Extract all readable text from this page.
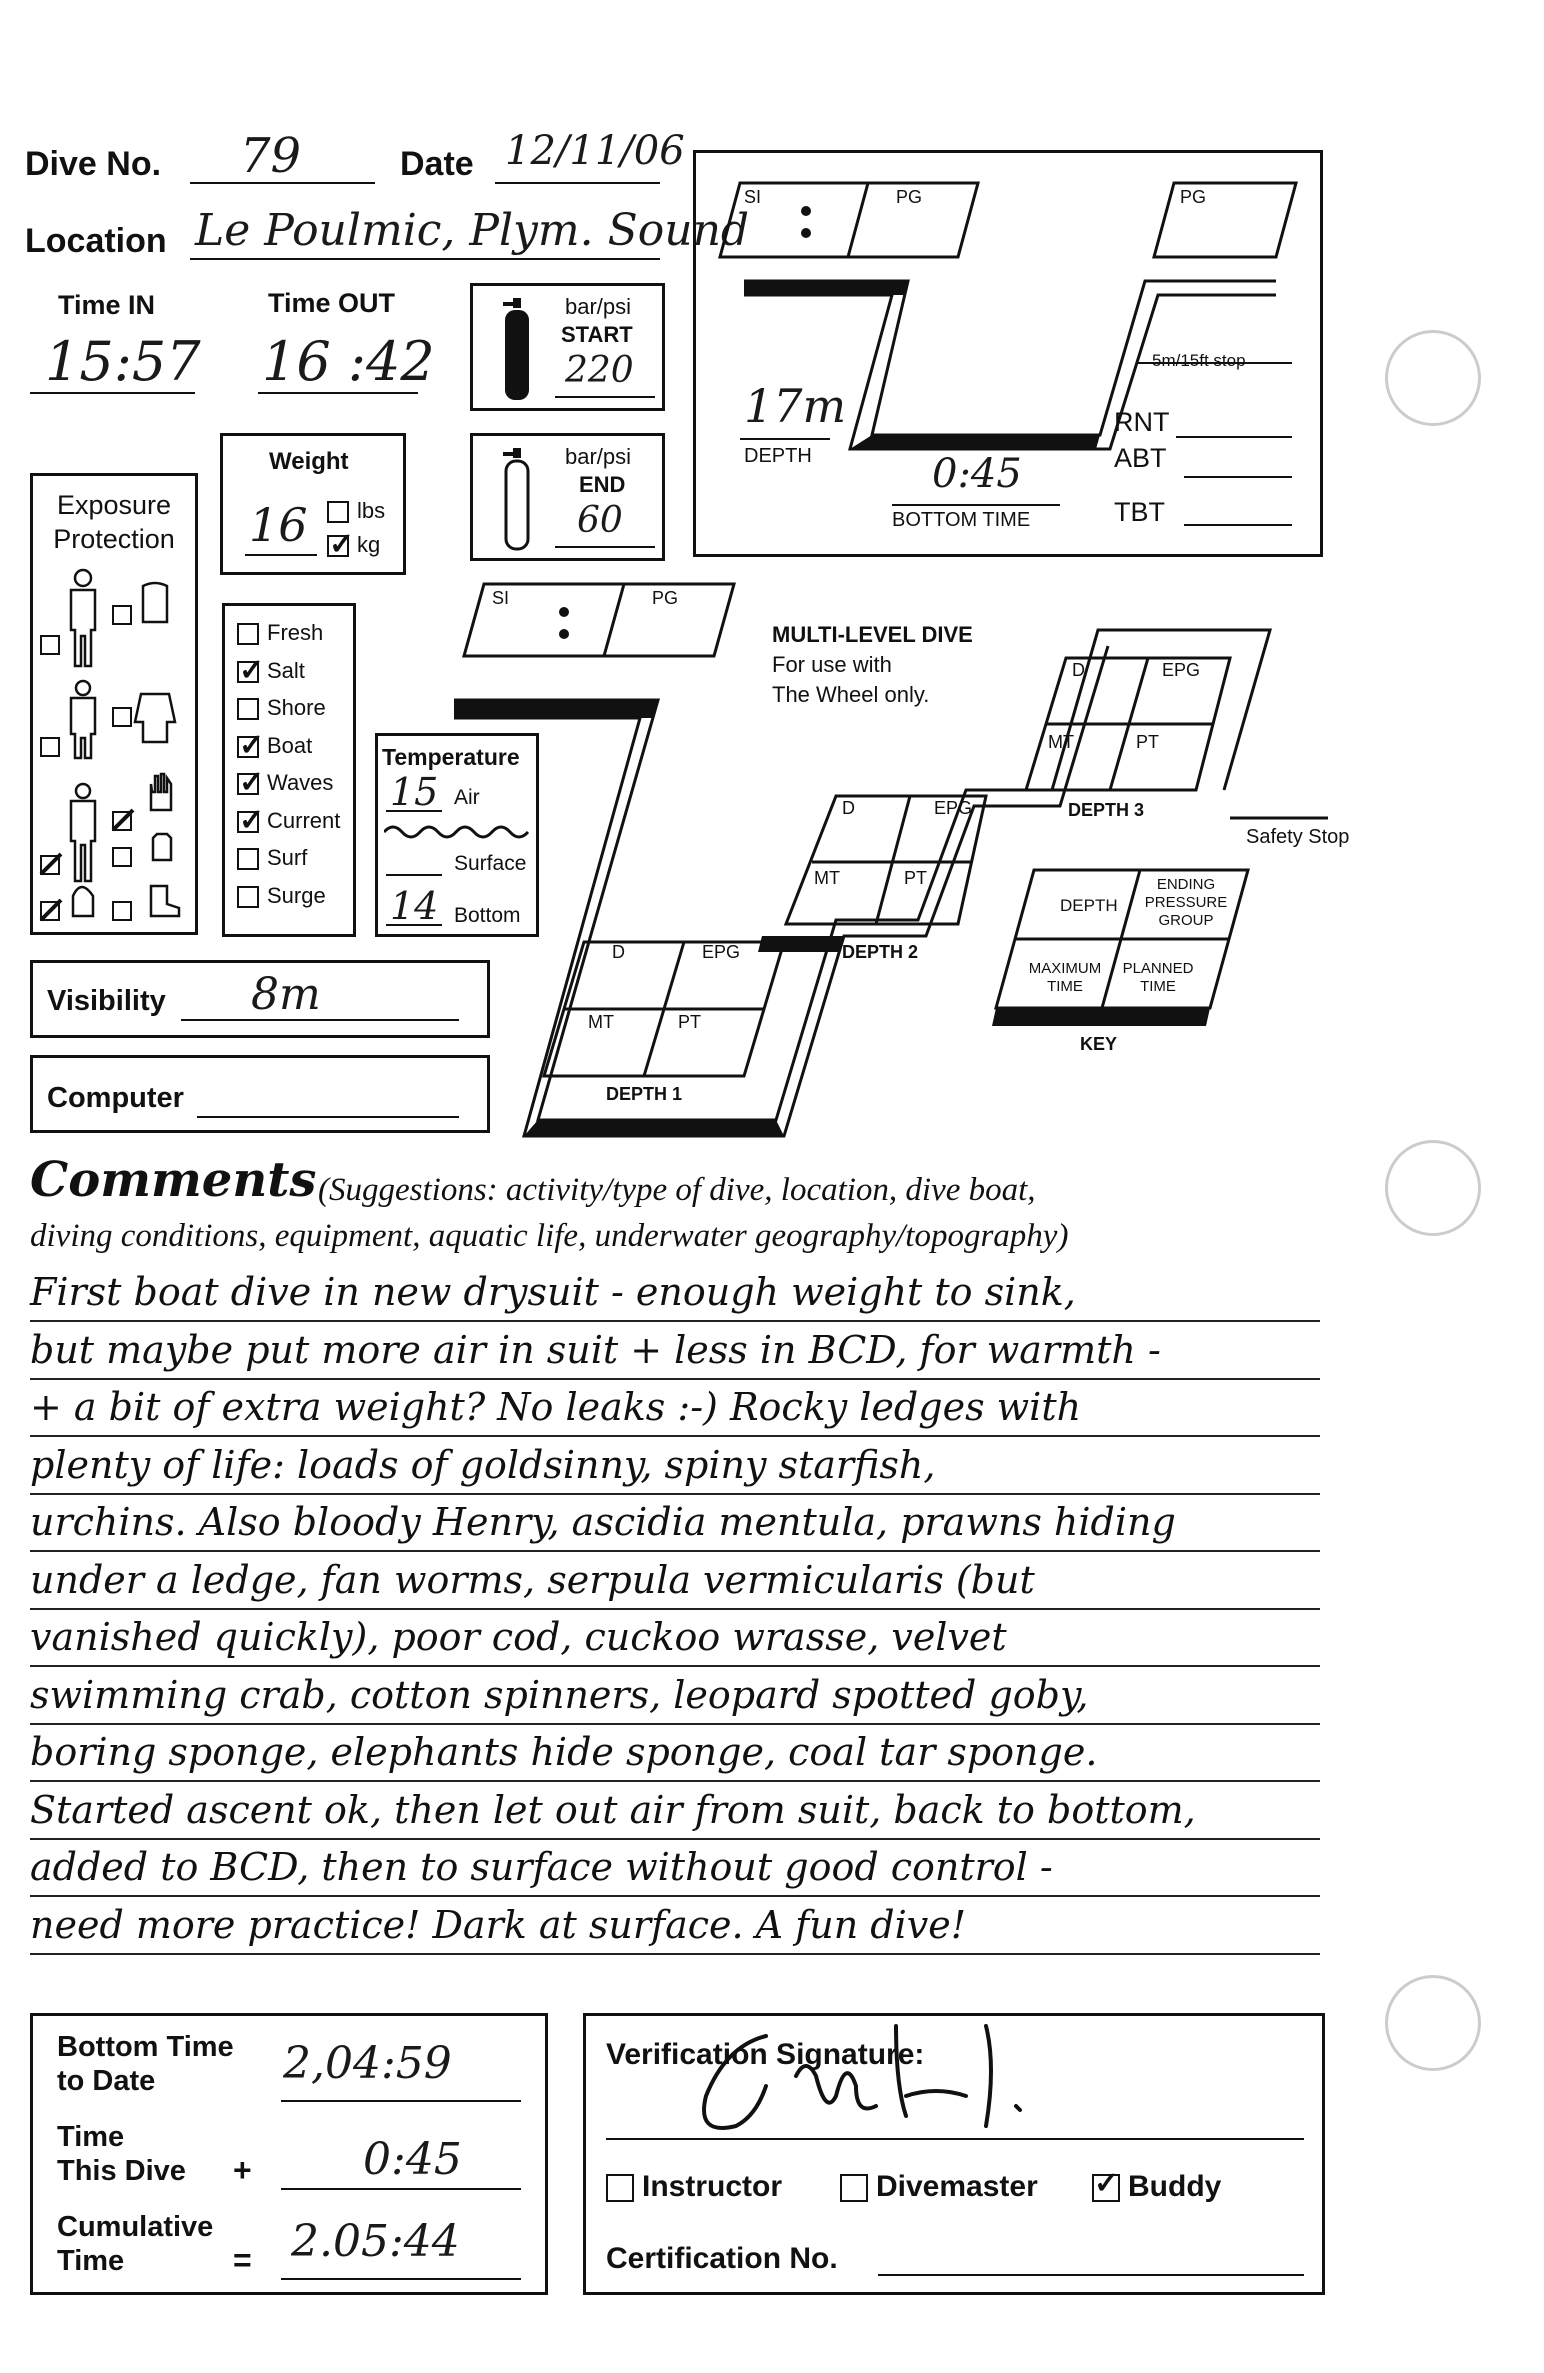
Dive No. 79	Date 12/11/06
Location Le Poulmic, Plym. Sound
Time IN
15:57
Time OUT
16 :42
bar/psi
START
220
bar/psi
END
60
Weight
16	lbs
✓kg
Exposure
Protection
Fresh
✓Salt
Shore
✓Boat
✓Waves
✓Current
Surf
Surge
Temperature
15 Air
Surface
14 Bottom
Visibility 8m
Computer
SI	PG	PG
17m
DEPTH	0:45
BOTTOM TIME
5m/15ft stop
RNT
ABT
TBT
SI	PG
MULTI-LEVEL DIVE
For use with
The Wheel only.
D	EPG
MT	PT
DEPTH 3
Safety Stop
D	EPG
MT	PT
DEPTH 2
D	EPG
MT	PT
DEPTH 1
DEPTH
ENDING
PRESSURE
GROUP
MAXIMUM
TIME
PLANNED
TIME
KEY
Comments (Suggestions: activity/type of dive, location, dive boat,
diving conditions, equipment, aquatic life, underwater geography/topography)
First boat dive in new drysuit - enough weight to sink,
but maybe put more air in suit + less in BCD, for warmth -
+ a bit of extra weight? No leaks :-) Rocky ledges with
plenty of life: loads of goldsinny, spiny starfish,
urchins. Also bloody Henry, ascidia mentula, prawns hiding
under a ledge, fan worms, serpula vermicularis (but
vanished quickly), poor cod, cuckoo wrasse, velvet
swimming crab, cotton spinners, leopard spotted goby,
boring sponge, elephants hide sponge, coal tar sponge.
Started ascent ok, then let out air from suit, back to bottom,
added to BCD, then to surface without good control -
need more practice! Dark at surface. A fun dive!
Bottom Time
to Date	2,04:59
Time
This Dive +	0:45
Cumulative
Time	= 2.05:44
Verification Signature:
Instructor	Divemaster
✓	Buddy
Certification No.
